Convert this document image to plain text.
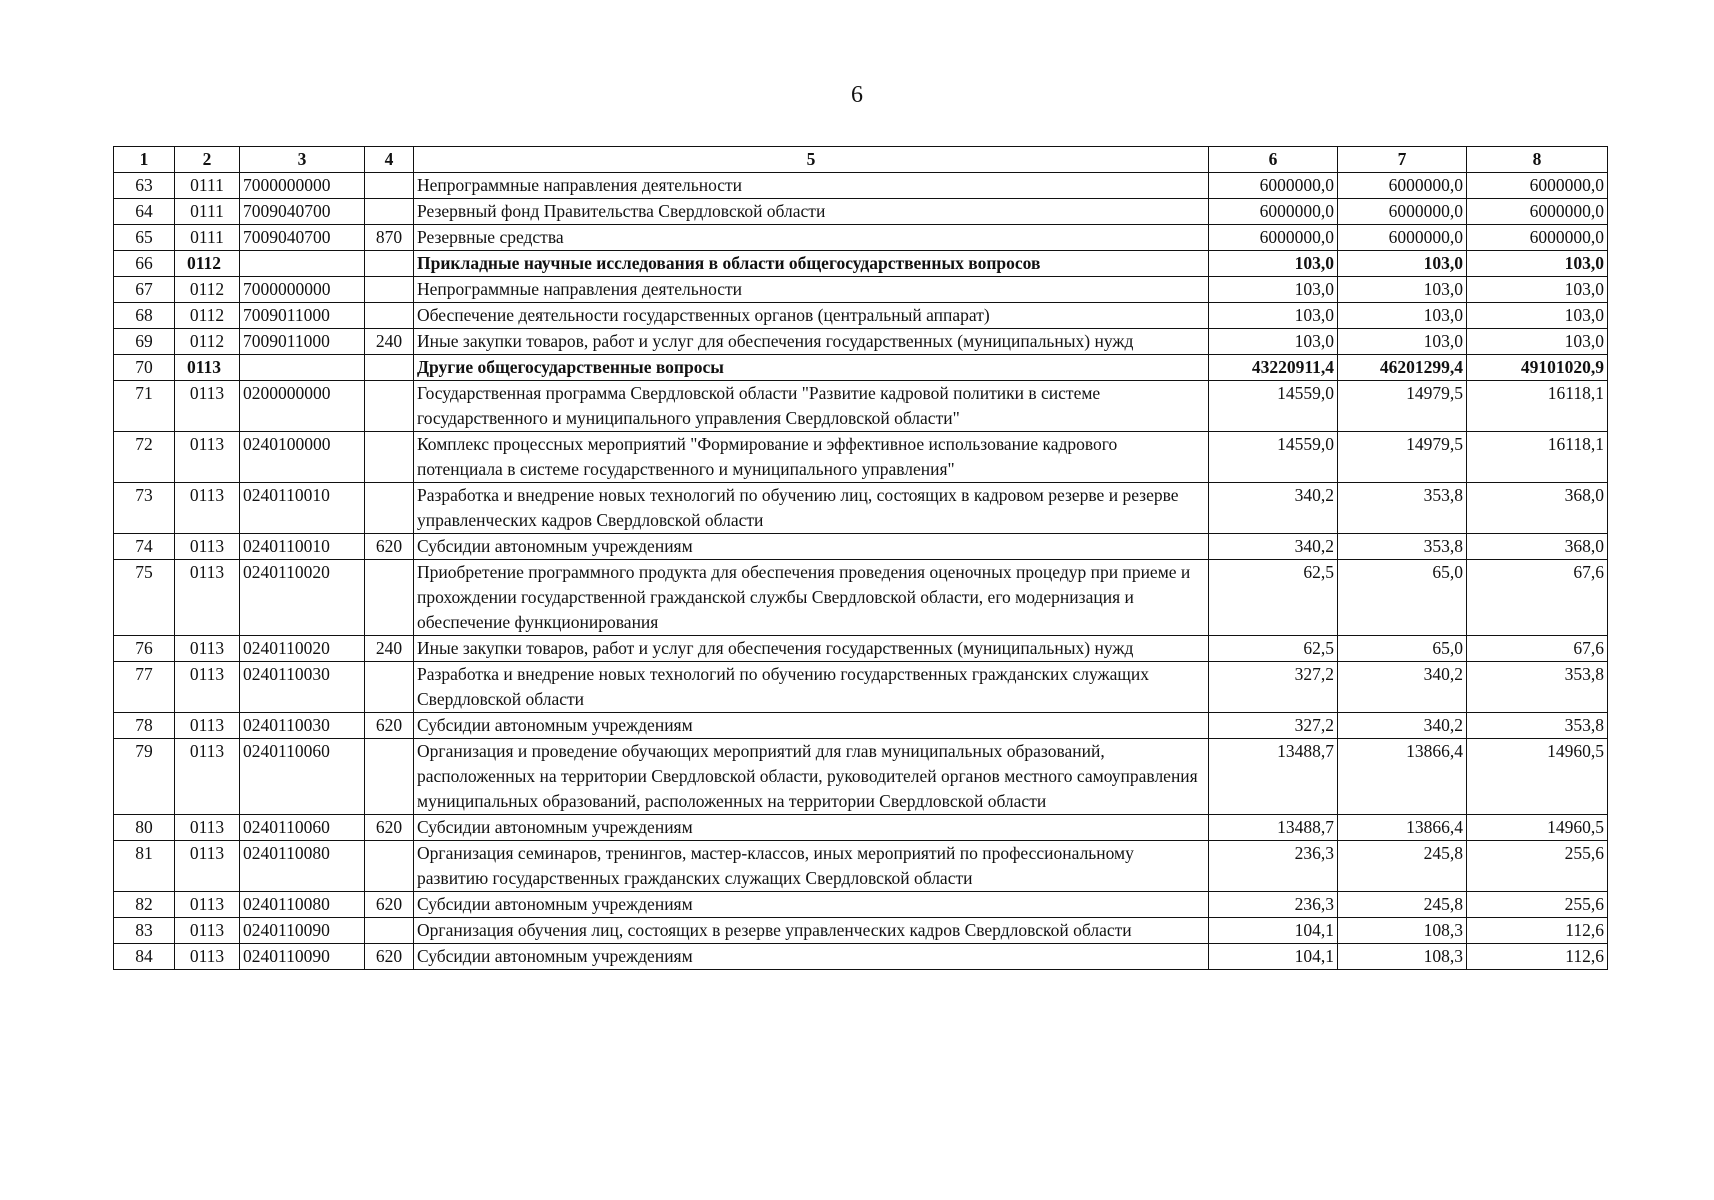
6
1	2	3	4	5	6	7	8
63	0111	7000000000		Непрограммные направления деятельности	6000000,0	6000000,0	6000000,0
64	0111	7009040700		Резервный фонд Правительства Свердловской области	6000000,0	6000000,0	6000000,0
65	0111	7009040700	870	Резервные средства	6000000,0	6000000,0	6000000,0
66	0112			Прикладные научные исследования в области общегосударственных вопросов	103,0	103,0	103,0
67	0112	7000000000		Непрограммные направления деятельности	103,0	103,0	103,0
68	0112	7009011000		Обеспечение деятельности государственных органов (центральный аппарат)	103,0	103,0	103,0
69	0112	7009011000	240	Иные закупки товаров, работ и услуг для обеспечения государственных (муниципальных) нужд	103,0	103,0	103,0
70	0113			Другие общегосударственные вопросы	43220911,4	46201299,4	49101020,9
71	0113	0200000000		Государственная программа Свердловской области "Развитие кадровой политики в системе государственного и муниципального управления Свердловской области"	14559,0	14979,5	16118,1
72	0113	0240100000		Комплекс процессных мероприятий "Формирование и эффективное использование кадрового потенциала в системе государственного и муниципального управления"	14559,0	14979,5	16118,1
73	0113	0240110010		Разработка и внедрение новых технологий по обучению лиц, состоящих в кадровом резерве и резерве управленческих кадров Свердловской области	340,2	353,8	368,0
74	0113	0240110010	620	Субсидии автономным учреждениям	340,2	353,8	368,0
75	0113	0240110020		Приобретение программного продукта для обеспечения проведения оценочных процедур при приеме и прохождении государственной гражданской службы Свердловской области, его модернизация и обеспечение функционирования	62,5	65,0	67,6
76	0113	0240110020	240	Иные закупки товаров, работ и услуг для обеспечения государственных (муниципальных) нужд	62,5	65,0	67,6
77	0113	0240110030		Разработка и внедрение новых технологий по обучению государственных гражданских служащих Свердловской области	327,2	340,2	353,8
78	0113	0240110030	620	Субсидии автономным учреждениям	327,2	340,2	353,8
79	0113	0240110060		Организация и проведение обучающих мероприятий для глав муниципальных образований, расположенных на территории Свердловской области, руководителей органов местного самоуправления муниципальных образований, расположенных на территории Свердловской области	13488,7	13866,4	14960,5
80	0113	0240110060	620	Субсидии автономным учреждениям	13488,7	13866,4	14960,5
81	0113	0240110080		Организация семинаров, тренингов, мастер-классов, иных мероприятий по профессиональному развитию государственных гражданских служащих Свердловской области	236,3	245,8	255,6
82	0113	0240110080	620	Субсидии автономным учреждениям	236,3	245,8	255,6
83	0113	0240110090		Организация обучения лиц, состоящих в резерве управленческих кадров Свердловской области	104,1	108,3	112,6
84	0113	0240110090	620	Субсидии автономным учреждениям	104,1	108,3	112,6
